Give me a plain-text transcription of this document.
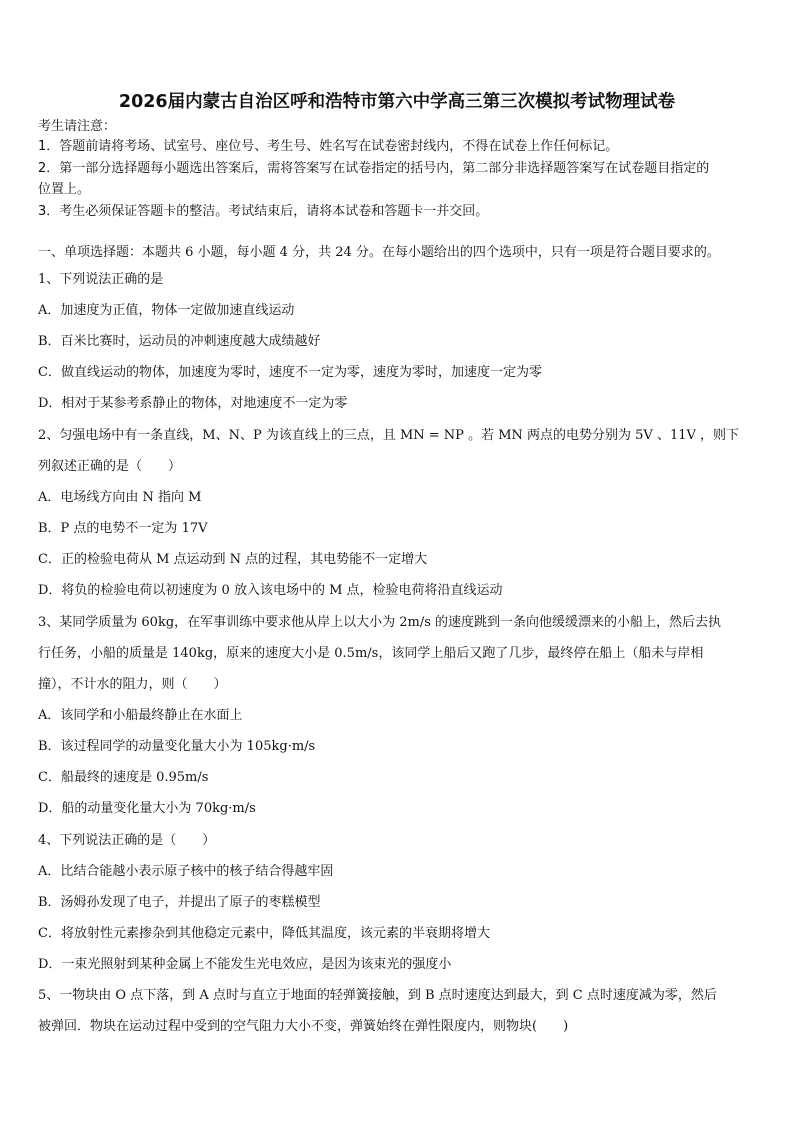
2026届内蒙古自治区呼和浩特市第六中学高三第三次模拟考试物理试卷
考生请注意：
1．答题前请将考场、试室号、座位号、考生号、姓名写在试卷密封线内，不得在试卷上作任何标记。
2．第一部分选择题每小题选出答案后，需将答案写在试卷指定的括号内，第二部分非选择题答案写在试卷题目指定的
位置上。
3．考生必须保证答题卡的整洁。考试结束后，请将本试卷和答题卡一并交回。
一、单项选择题：本题共 6 小题，每小题 4 分，共 24 分。在每小题给出的四个选项中，只有一项是符合题目要求的。
1、下列说法正确的是
A．加速度为正值，物体一定做加速直线运动
B．百米比赛时，运动员的冲刺速度越大成绩越好
C．做直线运动的物体，加速度为零时，速度不一定为零，速度为零时，加速度一定为零
D．相对于某参考系静止的物体，对地速度不一定为零
2、匀强电场中有一条直线，M、N、P 为该直线上的三点，且 MN = NP 。若 MN 两点的电势分别为 5V 、11V ，则下
列叙述正确的是（　　）
A．电场线方向由 N 指向 M
B．P 点的电势不一定为 17V
C．正的检验电荷从 M 点运动到 N 点的过程，其电势能不一定增大
D．将负的检验电荷以初速度为 0 放入该电场中的 M 点，检验电荷将沿直线运动
3、某同学质量为 60kg，在军事训练中要求他从岸上以大小为 2m/s 的速度跳到一条向他缓缓漂来的小船上，然后去执
行任务，小船的质量是 140kg，原来的速度大小是 0.5m/s，该同学上船后又跑了几步，最终停在船上（船未与岸相
撞），不计水的阻力，则（　　）
A．该同学和小船最终静止在水面上
B．该过程同学的动量变化量大小为 105kg·m/s
C．船最终的速度是 0.95m/s
D．船的动量变化量大小为 70kg·m/s
4、下列说法正确的是（　　）
A．比结合能越小表示原子核中的核子结合得越牢固
B．汤姆孙发现了电子，并提出了原子的枣糕模型
C．将放射性元素掺杂到其他稳定元素中，降低其温度，该元素的半衰期将增大
D．一束光照射到某种金属上不能发生光电效应，是因为该束光的强度小
5、一物块由 O 点下落，到 A 点时与直立于地面的轻弹簧接触，到 B 点时速度达到最大，到 C 点时速度减为零，然后
被弹回．物块在运动过程中受到的空气阻力大小不变，弹簧始终在弹性限度内，则物块(　　)
